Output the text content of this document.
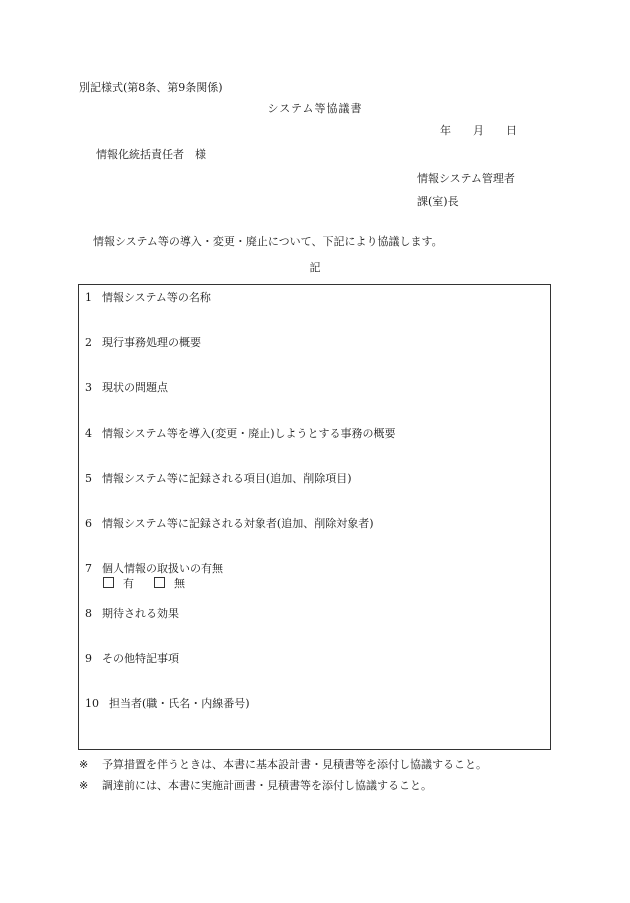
別記様式(第8条、第9条関係)
システム等協議書
年 月 日
情報化統括責任者　様
情報システム管理者
課(室)長
情報システム等の導入・変更・廃止について、下記により協議します。
記
1 情報システム等の名称
2 現行事務処理の概要
3 現状の問題点
4 情報システム等を導入(変更・廃止)しようとする事務の概要
5 情報システム等に記録される項目(追加、削除項目)
6 情報システム等に記録される対象者(追加、削除対象者)
7 個人情報の取扱いの有無
有	無
8 期待される効果
9 その他特記事項
10 担当者(職・氏名・内線番号)
※ 予算措置を伴うときは、本書に基本設計書・見積書等を添付し協議すること。
※ 調達前には、本書に実施計画書・見積書等を添付し協議すること。
